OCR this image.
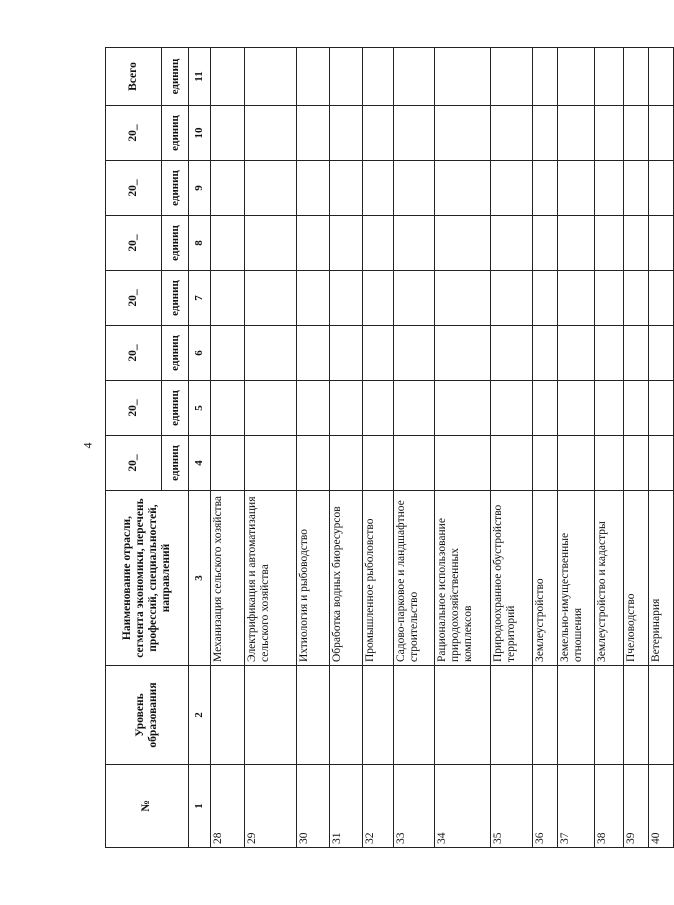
4
№	Уровень образования	Наименование отрасли, сегмента экономики, перечень профессий, специальностей, направлений	20_	20_	20_	20_	20_	20_	20_	Всего
			единиц	единиц	единиц	единиц	единиц	единиц	единиц	единиц
1	2	3	4	5	6	7	8	9	10	11
28		Механизация сельского хозяйства								
29		Электрификация и автоматизация сельского хозяйства								
30		Ихтиология и рыбоводство								
31		Обработка водных биоресурсов								
32		Промышленное рыболовство								
33		Садово-парковое и ландшафтное строительство								
34		Рациональное использование природохозяйственных комплексов								
35		Природоохранное обустройство территорий								
36		Землеустройство								
37		Земельно-имущественные отношения								
38		Землеустройство и кадастры								
39		Пчеловодство								
40		Ветеринария								
